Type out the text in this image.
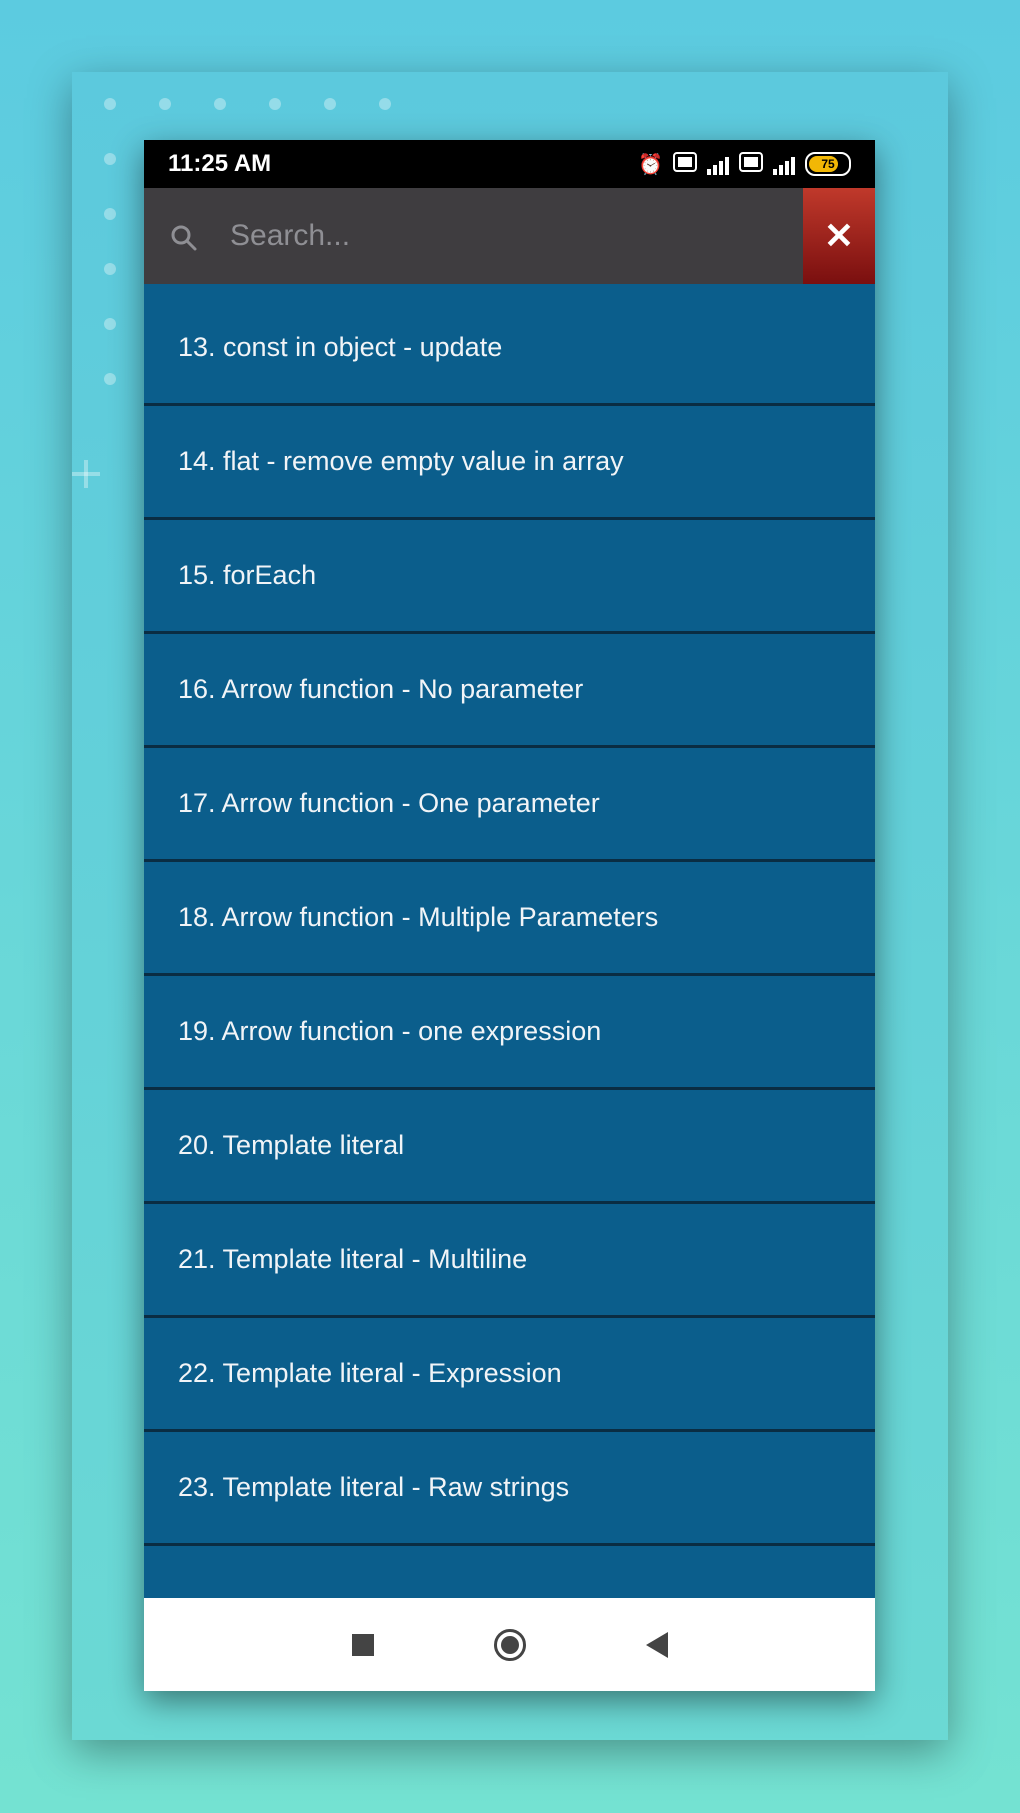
11:25 AM	⏰	75
Search...
✕
13. const in object - update
14. flat - remove empty value in array
15. forEach
16. Arrow function - No parameter
17. Arrow function - One parameter
18. Arrow function - Multiple Parameters
19. Arrow function - one expression
20. Template literal
21. Template literal - Multiline
22. Template literal - Expression
23. Template literal - Raw strings
